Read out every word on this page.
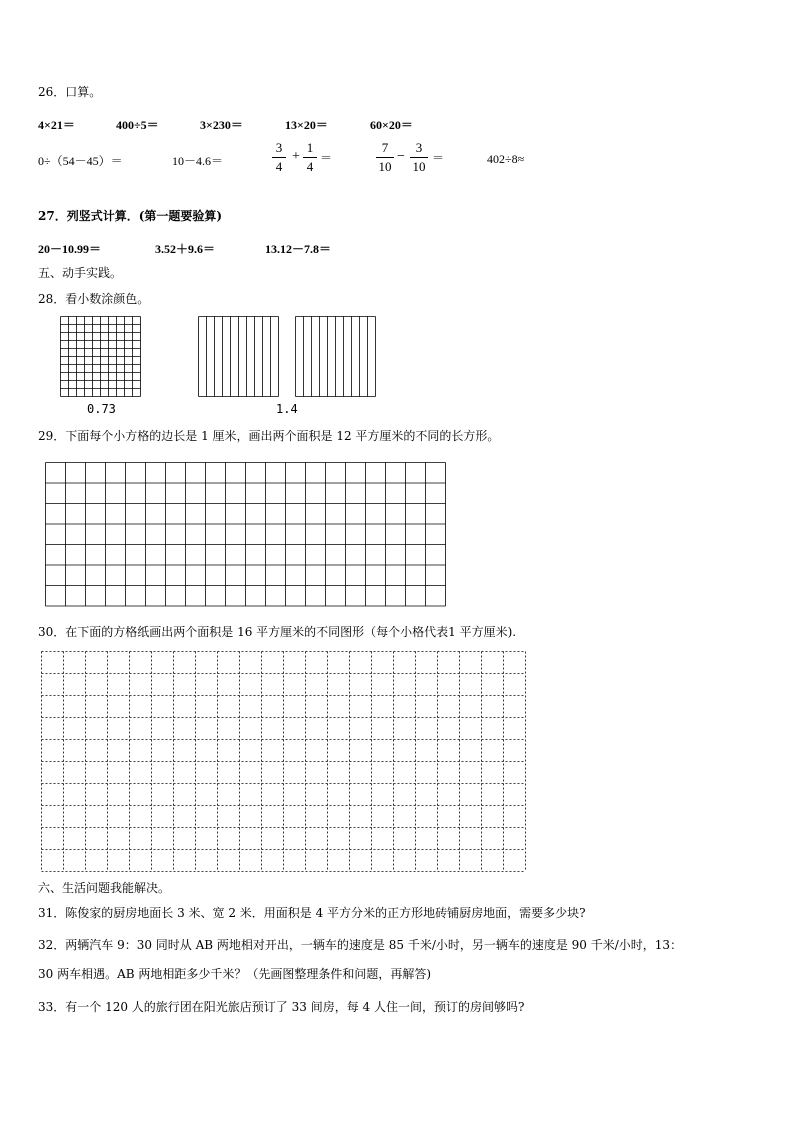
26．口算。
4×21＝	400÷5＝	3×230＝	13×20＝	60×20＝
0÷（54－45）＝	10－4.6＝
3
4
+
1
4
＝
7
10
−
3
10
＝	402÷8≈
27．列竖式计算．(第一题要验算)
20－10.99＝	3.52＋9.6＝	13.12－7.8＝
五、动手实践。
28．看小数涂颜色。
0.73	1.4
29．下面每个小方格的边长是 1 厘米，画出两个面积是 12 平方厘米的不同的长方形。
30．在下面的方格纸画出两个面积是 16 平方厘米的不同图形（每个小格代表1 平方厘米).
六、生活问题我能解决。
31．陈俊家的厨房地面长 3 米、宽 2 米．用面积是 4 平方分米的正方形地砖铺厨房地面，需要多少块?
32．两辆汽车 9：30 同时从 AB 两地相对开出，一辆车的速度是 85 千米/小时，另一辆车的速度是 90 千米/小时，13：
30 两车相遇。AB 两地相距多少千米？（先画图整理条件和问题，再解答)
33．有一个 120 人的旅行团在阳光旅店预订了 33 间房，每 4 人住一间，预订的房间够吗?
